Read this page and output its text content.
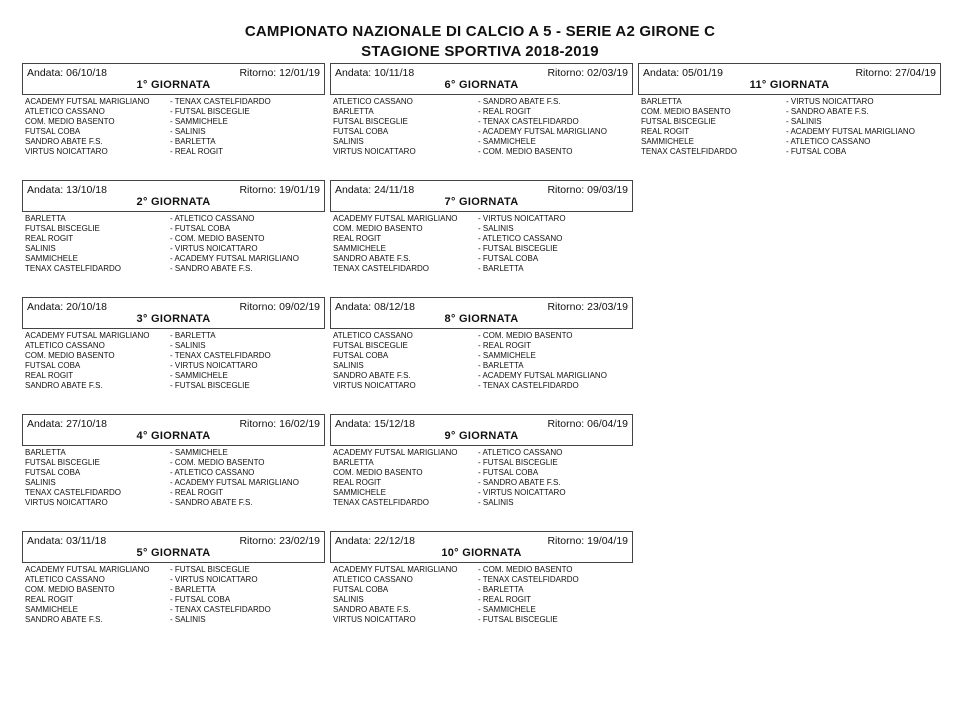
CAMPIONATO NAZIONALE DI CALCIO A 5 - SERIE A2 GIRONE C
STAGIONE SPORTIVA 2018-2019
Andata: 06/10/18	Ritorno: 12/01/19
1° GIORNATA
ACADEMY FUTSAL MARIGLIANO	- TENAX CASTELFIDARDO
ATLETICO CASSANO	- FUTSAL BISCEGLIE
COM. MEDIO BASENTO	- SAMMICHELE
FUTSAL COBA	- SALINIS
SANDRO ABATE F.S.	- BARLETTA
VIRTUS NOICATTARO	- REAL ROGIT
Andata: 13/10/18	Ritorno: 19/01/19
2° GIORNATA
BARLETTA	- ATLETICO CASSANO
FUTSAL BISCEGLIE	- FUTSAL COBA
REAL ROGIT	- COM. MEDIO BASENTO
SALINIS	- VIRTUS NOICATTARO
SAMMICHELE	- ACADEMY FUTSAL MARIGLIANO
TENAX CASTELFIDARDO	- SANDRO ABATE F.S.
Andata: 20/10/18	Ritorno: 09/02/19
3° GIORNATA
ACADEMY FUTSAL MARIGLIANO	- BARLETTA
ATLETICO CASSANO	- SALINIS
COM. MEDIO BASENTO	- TENAX CASTELFIDARDO
FUTSAL COBA	- VIRTUS NOICATTARO
REAL ROGIT	- SAMMICHELE
SANDRO ABATE F.S.	- FUTSAL BISCEGLIE
Andata: 27/10/18	Ritorno: 16/02/19
4° GIORNATA
BARLETTA	- SAMMICHELE
FUTSAL BISCEGLIE	- COM. MEDIO BASENTO
FUTSAL COBA	- ATLETICO CASSANO
SALINIS	- ACADEMY FUTSAL MARIGLIANO
TENAX CASTELFIDARDO	- REAL ROGIT
VIRTUS NOICATTARO	- SANDRO ABATE F.S.
Andata: 03/11/18	Ritorno: 23/02/19
5° GIORNATA
ACADEMY FUTSAL MARIGLIANO	- FUTSAL BISCEGLIE
ATLETICO CASSANO	- VIRTUS NOICATTARO
COM. MEDIO BASENTO	- BARLETTA
REAL ROGIT	- FUTSAL COBA
SAMMICHELE	- TENAX CASTELFIDARDO
SANDRO ABATE F.S.	- SALINIS
Andata: 10/11/18	Ritorno: 02/03/19
6° GIORNATA
ATLETICO CASSANO	- SANDRO ABATE F.S.
BARLETTA	- REAL ROGIT
FUTSAL BISCEGLIE	- TENAX CASTELFIDARDO
FUTSAL COBA	- ACADEMY FUTSAL MARIGLIANO
SALINIS	- SAMMICHELE
VIRTUS NOICATTARO	- COM. MEDIO BASENTO
Andata: 24/11/18	Ritorno: 09/03/19
7° GIORNATA
ACADEMY FUTSAL MARIGLIANO	- VIRTUS NOICATTARO
COM. MEDIO BASENTO	- SALINIS
REAL ROGIT	- ATLETICO CASSANO
SAMMICHELE	- FUTSAL BISCEGLIE
SANDRO ABATE F.S.	- FUTSAL COBA
TENAX CASTELFIDARDO	- BARLETTA
Andata: 08/12/18	Ritorno: 23/03/19
8° GIORNATA
ATLETICO CASSANO	- COM. MEDIO BASENTO
FUTSAL BISCEGLIE	- REAL ROGIT
FUTSAL COBA	- SAMMICHELE
SALINIS	- BARLETTA
SANDRO ABATE F.S.	- ACADEMY FUTSAL MARIGLIANO
VIRTUS NOICATTARO	- TENAX CASTELFIDARDO
Andata: 15/12/18	Ritorno: 06/04/19
9° GIORNATA
ACADEMY FUTSAL MARIGLIANO	- ATLETICO CASSANO
BARLETTA	- FUTSAL BISCEGLIE
COM. MEDIO BASENTO	- FUTSAL COBA
REAL ROGIT	- SANDRO ABATE F.S.
SAMMICHELE	- VIRTUS NOICATTARO
TENAX CASTELFIDARDO	- SALINIS
Andata: 22/12/18	Ritorno: 19/04/19
10° GIORNATA
ACADEMY FUTSAL MARIGLIANO	- COM. MEDIO BASENTO
ATLETICO CASSANO	- TENAX CASTELFIDARDO
FUTSAL COBA	- BARLETTA
SALINIS	- REAL ROGIT
SANDRO ABATE F.S.	- SAMMICHELE
VIRTUS NOICATTARO	- FUTSAL BISCEGLIE
Andata: 05/01/19	Ritorno: 27/04/19
11° GIORNATA
BARLETTA	- VIRTUS NOICATTARO
COM. MEDIO BASENTO	- SANDRO ABATE F.S.
FUTSAL BISCEGLIE	- SALINIS
REAL ROGIT	- ACADEMY FUTSAL MARIGLIANO
SAMMICHELE	- ATLETICO CASSANO
TENAX CASTELFIDARDO	- FUTSAL COBA
